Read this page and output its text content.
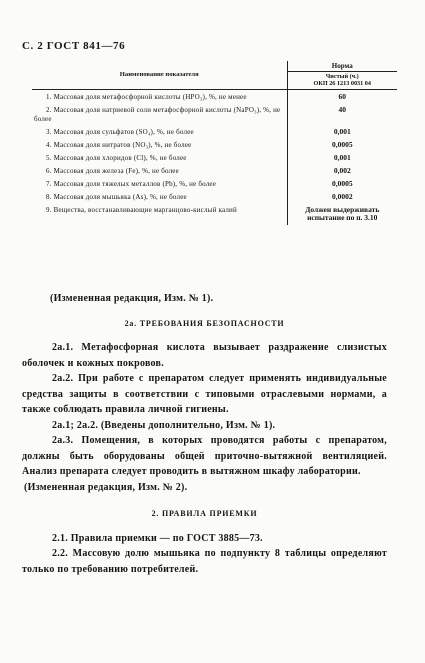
С. 2 ГОСТ 841—76
Наименование показателя	Норма
	Чистый (ч.)
ОКП 26 1213 0031 04
1. Массовая доля метафосфорной кислоты (НРО₃), %, не менее	60
2. Массовая доля натриевой соли метафосфорной кислоты (NaPO₃), %, не более	40
3. Массовая доля сульфатов (SO₄), %, не более	0,001
4. Массовая доля нитратов (NO₃), %, не более	0,0005
5. Массовая доля хлоридов (Cl), %, не более	0,001
6. Массовая доля железа (Fe), %, не более	0,002
7. Массовая доля тяжелых металлов (Pb), %, не более	0,0005
8. Массовая доля мышьяка (As), %, не более	0,0002
9. Вещества, восстанавливающие марганцово-кислый калий	Должен выдерживать испытание по п. 3.10

(Измененная редакция, Изм. № 1).

2а. ТРЕБОВАНИЯ БЕЗОПАСНОСТИ

2а.1. Метафосфорная кислота вызывает раздражение слизистых оболочек и кожных покровов.

2а.2. При работе с препаратом следует применять индивидуальные средства защиты в соответствии с типовыми отраслевыми нормами, а также соблюдать правила личной гигиены.

2а.1; 2а.2. (Введены дополнительно, Изм. № 1).

2а.3. Помещения, в которых проводятся работы с препаратом, должны быть оборудованы общей приточно-вытяжной вентиляцией. Анализ препарата следует проводить в вытяжном шкафу лаборатории.

(Измененная редакция, Изм. № 2).

2. ПРАВИЛА ПРИЕМКИ

2.1. Правила приемки — по ГОСТ 3885—73.

2.2. Массовую долю мышьяка по подпункту 8 таблицы определяют только по требованию потребителей.
